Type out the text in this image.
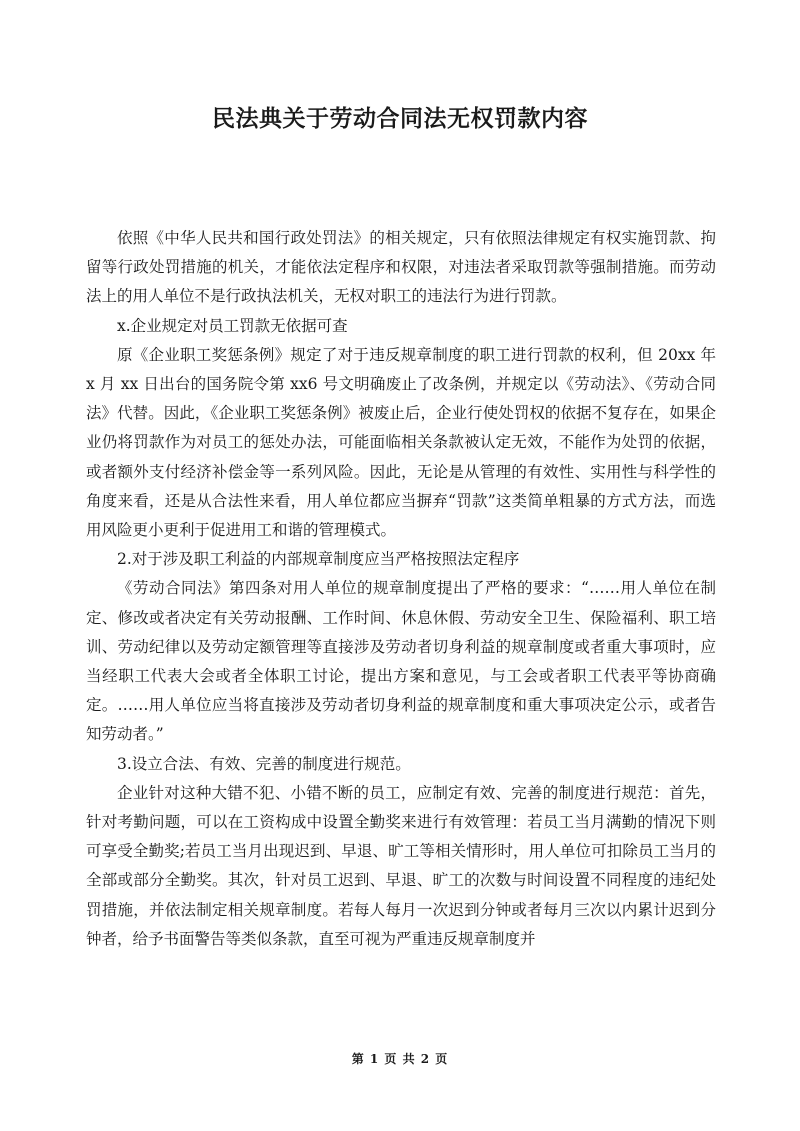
民法典关于劳动合同法无权罚款内容

依照《中华人民共和国行政处罚法》的相关规定，只有依照法律规定有权实施罚款、拘留等行政处罚措施的机关，才能依法定程序和权限，对违法者采取罚款等强制措施。而劳动法上的用人单位不是行政执法机关，无权对职工的违法行为进行罚款。

x.企业规定对员工罚款无依据可查

原《企业职工奖惩条例》规定了对于违反规章制度的职工进行罚款的权利，但 20xx 年 x 月 xx 日出台的国务院令第 xx6 号文明确废止了改条例，并规定以《劳动法》、《劳动合同法》代替。因此，《企业职工奖惩条例》被废止后，企业行使处罚权的依据不复存在，如果企业仍将罚款作为对员工的惩处办法，可能面临相关条款被认定无效，不能作为处罚的依据，或者额外支付经济补偿金等一系列风险。因此，无论是从管理的有效性、实用性与科学性的角度来看，还是从合法性来看，用人单位都应当摒弃“罚款”这类简单粗暴的方式方法，而选用风险更小更利于促进用工和谐的管理模式。

2.对于涉及职工利益的内部规章制度应当严格按照法定程序

《劳动合同法》第四条对用人单位的规章制度提出了严格的要求：“……用人单位在制定、修改或者决定有关劳动报酬、工作时间、休息休假、劳动安全卫生、保险福利、职工培训、劳动纪律以及劳动定额管理等直接涉及劳动者切身利益的规章制度或者重大事项时，应当经职工代表大会或者全体职工讨论，提出方案和意见，与工会或者职工代表平等协商确定。……用人单位应当将直接涉及劳动者切身利益的规章制度和重大事项决定公示，或者告知劳动者。”

3.设立合法、有效、完善的制度进行规范。

企业针对这种大错不犯、小错不断的员工，应制定有效、完善的制度进行规范：首先，针对考勤问题，可以在工资构成中设置全勤奖来进行有效管理：若员工当月满勤的情况下则可享受全勤奖;若员工当月出现迟到、早退、旷工等相关情形时，用人单位可扣除员工当月的全部或部分全勤奖。其次，针对员工迟到、早退、旷工的次数与时间设置不同程度的违纪处罚措施，并依法制定相关规章制度。若每人每月一次迟到分钟或者每月三次以内累计迟到分钟者，给予书面警告等类似条款，直至可视为严重违反规章制度并

第 1 页 共 2 页
